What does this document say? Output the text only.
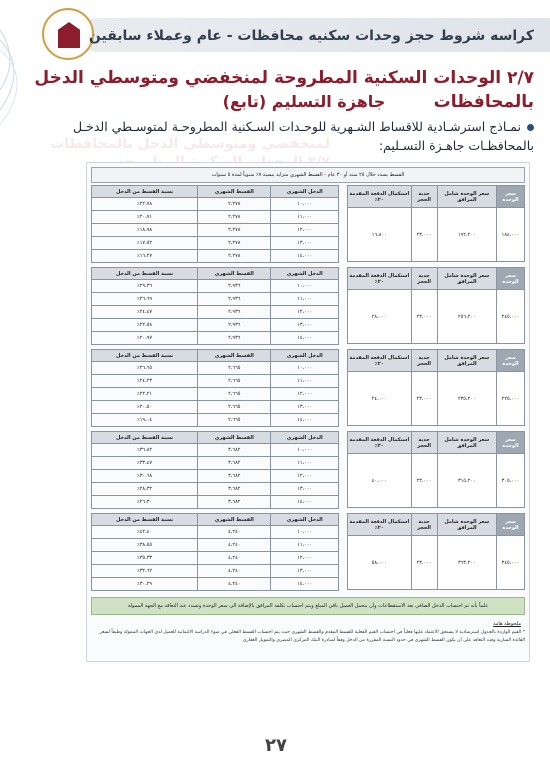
كراسه شروط حجز وحدات سكنيه محافظات - عام وعملاء سابقين
٢/٧ الوحدات السكنية المطروحة لمنخفضي ومتوسطي الدخل بالمحافظات
جاهزة التسليم (تابع)
نمـاذج استرشـادية للاقساط الشـهرية للوحـدات السـكنية المطروحـة لمتوسـطي الدخـل بالمحافظـات جاهـزة التسـليم:
لمنخفضي ومتوسطي الدخل بالمحافظات
القسط يسدد خلال ٢٥ سنة أو ٣٠ عام - القسط الشهري متزايد بنسبة ٧٪ سنوياً لمدة ٥ سنوات
نسبة القسط من الدخل	القسط الشهري	الدخل الشهري
٢٢،٧٨٪	٢،٢٧٨	١٠،٠٠٠
٢٠،٧١٪	٢،٢٧٨	١١،٠٠٠
١٨،٩٨٪	٢،٢٧٨	١٢،٠٠٠
١٧،٥٢٪	٢،٢٧٨	١٣،٠٠٠
١٦،٢٧٪	٢،٢٧٨	١٤،٠٠٠
استكمال الدفعة المقدمة ٢٠٪	جدية الحجز	سعر الوحدة شامل المرافق	سعر الوحدة
١٦،٨٠٠	٢٣،٠٠٠	١٩٢،٢٠٠	١٨٤،٠٠٠
نسبة القسط من الدخل	القسط الشهري	الدخل الشهري
٢٩،٣٦٪	٢،٩٣٦	١٠،٠٠٠
٢٦،٦٩٪	٢،٩٣٦	١١،٠٠٠
٢٤،٤٧٪	٢،٩٣٦	١٢،٠٠٠
٢٢،٥٨٪	٢،٩٣٦	١٣،٠٠٠
٢٠،٩٧٪	٢،٩٣٦	١٤،٠٠٠
استكمال الدفعة المقدمة ٢٠٪	جدية الحجز	سعر الوحدة شامل المرافق	سعر الوحدة
٢٨،٠٠٠	٢٣،٠٠٠	٢٥٦،٢٠٠	٢٤٥،٠٠٠
نسبة القسط من الدخل	القسط الشهري	الدخل الشهري
٢٦،٦٥٪	٢،٦٦٥	١٠،٠٠٠
٢٤،٢٣٪	٢،٦٦٥	١١،٠٠٠
٢٢،٢١٪	٢،٦٦٥	١٢،٠٠٠
٢٠،٥٠٪	٢،٦٦٥	١٣،٠٠٠
١٩،٠٤٪	٢،٦٦٥	١٤،٠٠٠
استكمال الدفعة المقدمة ٢٠٪	جدية الحجز	سعر الوحدة شامل المرافق	سعر الوحدة
٢٤،٠٠٠	٢٣،٠٠٠	٢٣٥،٢٠٠	٢٢٥،٠٠٠
نسبة القسط من الدخل	القسط الشهري	الدخل الشهري
٣٦،٨٢٪	٣،٦٨٢	١٠،٠٠٠
٣٣،٤٧٪	٣،٦٨٢	١١،٠٠٠
٣٠،٦٨٪	٣،٦٨٢	١٢،٠٠٠
٢٨،٣٢٪	٣،٦٨٢	١٣،٠٠٠
٢٦،٣٠٪	٣،٦٨٢	١٤،٠٠٠
استكمال الدفعة المقدمة ٢٠٪	جدية الحجز	سعر الوحدة شامل المرافق	سعر الوحدة
٤٠،٠٠٠	٢٣،٠٠٠	٣١٥،٢٠٠	٣٠٥،٠٠٠
نسبة القسط من الدخل	القسط الشهري	الدخل الشهري
٤٢،٤٠٪	٤،٢٤٠	١٠،٠٠٠
٣٨،٥٥٪	٤،٢٤٠	١١،٠٠٠
٣٥،٣٣٪	٤،٢٤٠	١٢،٠٠٠
٣٢،٦٢٪	٤،٢٤٠	١٣،٠٠٠
٣٠،٢٩٪	٤،٢٤٠	١٤،٠٠٠
استكمال الدفعة المقدمة ٢٠٪	جدية الحجز	سعر الوحدة شامل المرافق	سعر الوحدة
٥٨،٠٠٠	٢٣،٠٠٠	٣٦٣،٢٠٠	٣٤٥،٠٠٠
علماً بأنه تم احتساب الدخل الصافي بعد الاستقطاعات وأن يتحمل العميل باقي المبلغ ويتم احتساب تكلفة المرافق بالإضافة الى سعر الوحدة وتسدد عند التعاقد مع الجهة الممولة
ملحوظة هامة
* القيم الواردة بالجدول استرشادية لا يستحق الاعتماد عليها فعلياً في احتساب القيم الفعلية للقسط المقدم والقسط الشهري حيث يتم احتساب القسط الفعلي في ضوء الدراسة الائتمانية للعميل لدى الجهات الممولة وطبقاً لسعر الفائدة السارية وقت التعاقد على أن يكون القسط الشهري في حدود النسبة المقررة من الدخل وفقاً لمبادرة البنك المركزي المصري والتمويل العقاري
٢٧
